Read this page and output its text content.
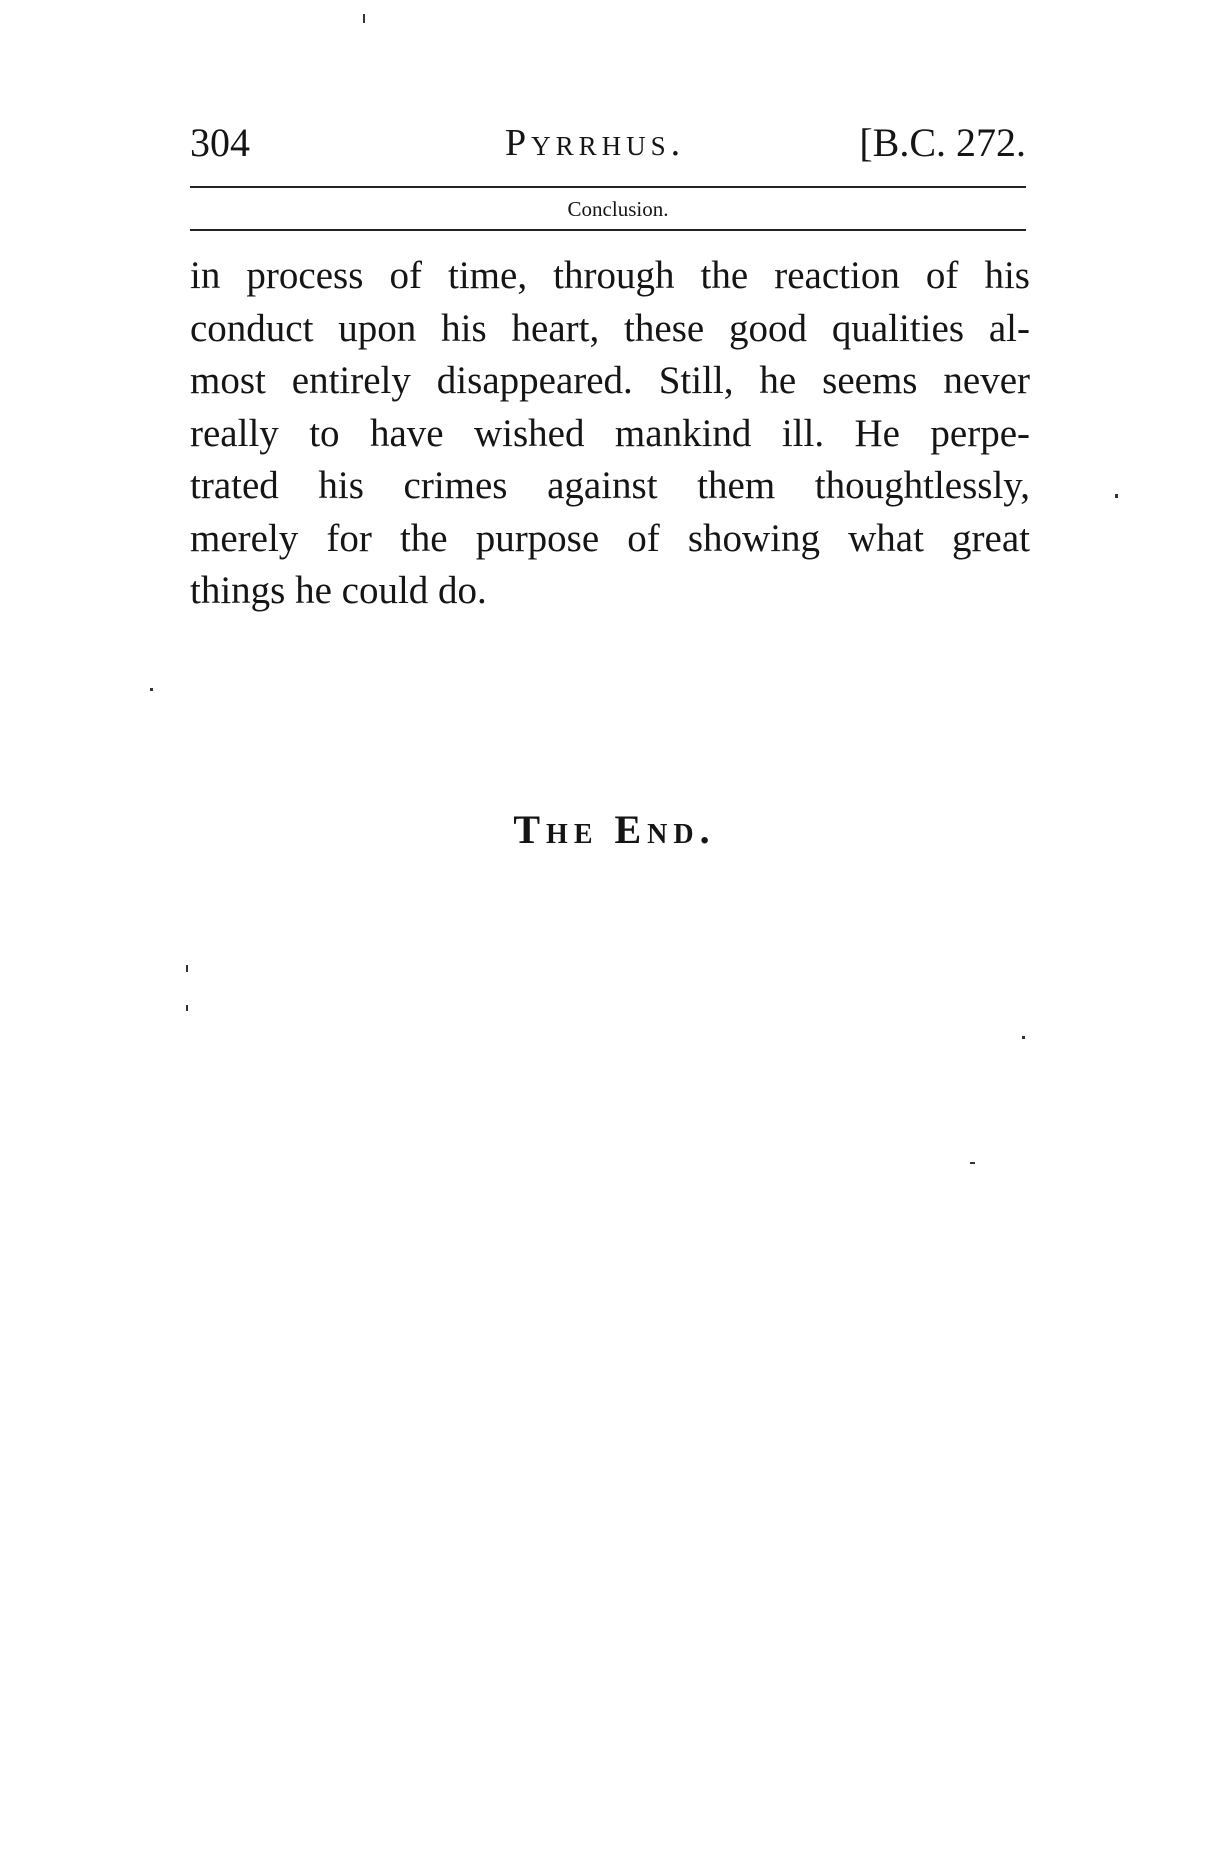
304	Pyrrhus.	[B.C. 272.
Conclusion.
in process of time, through the reaction of his
conduct upon his heart, these good qualities al-
most entirely disappeared. Still, he seems never
really to have wished mankind ill. He perpe-
trated his crimes against them thoughtlessly,
merely for the purpose of showing what great
things he could do.
The End.
